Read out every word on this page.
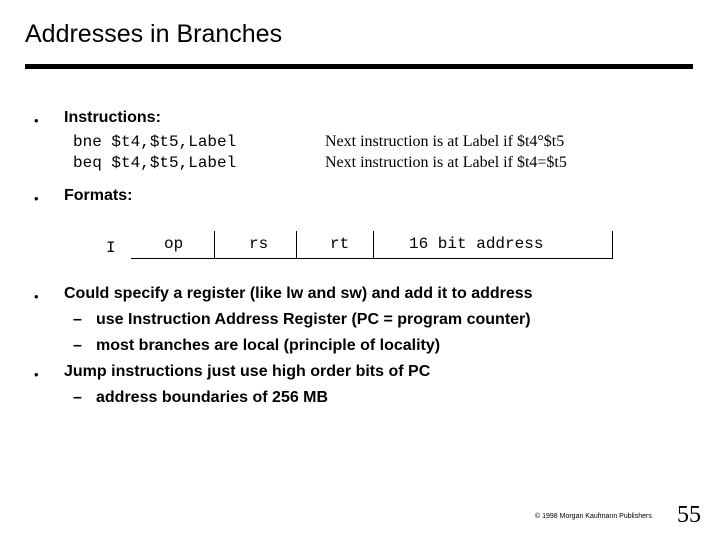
Addresses in Branches
• Instructions:
bne $t4,$t5,Label	Next instruction is at Label if $t4°$t5
beq $t4,$t5,Label	Next instruction is at Label if $t4=$t5
• Formats:
I	op	rs	rt	16 bit address
• Could specify a register (like lw and sw) and add it to address
– use Instruction Address Register (PC = program counter)
– most branches are local (principle of locality)
• Jump instructions just use high order bits of PC
– address boundaries of 256 MB
© 1998 Morgan Kaufmann Publishers 55
